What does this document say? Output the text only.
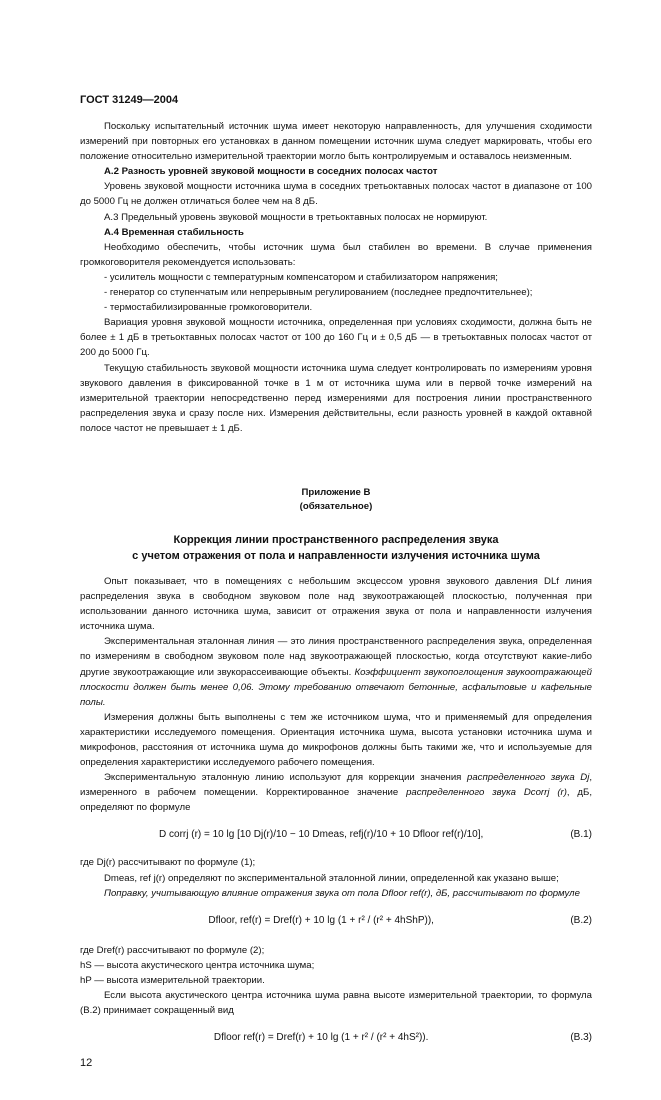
ГОСТ 31249—2004

Поскольку испытательный источник шума имеет некоторую направленность, для улучшения сходимости измерений при повторных его установках в данном помещении источник шума следует маркировать, чтобы его положение относительно измерительной траектории могло быть контролируемым и оставалось неизменным.

А.2 Разность уровней звуковой мощности в соседних полосах частот

Уровень звуковой мощности источника шума в соседних третьоктавных полосах частот в диапазоне от 100 до 5000 Гц не должен отличаться более чем на 8 дБ.

А.3 Предельный уровень звуковой мощности в третьоктавных полосах не нормируют.

А.4 Временная стабильность

Необходимо обеспечить, чтобы источник шума был стабилен во времени. В случае применения громкоговорителя рекомендуется использовать:

- усилитель мощности с температурным компенсатором и стабилизатором напряжения;

- генератор со ступенчатым или непрерывным регулированием (последнее предпочтительнее);

- термостабилизированные громкоговорители.

Вариация уровня звуковой мощности источника, определенная при условиях сходимости, должна быть не более ± 1 дБ в третьоктавных полосах частот от 100 до 160 Гц и ± 0,5 дБ — в третьоктавных полосах частот от 200 до 5000 Гц.

Текущую стабильность звуковой мощности источника шума следует контролировать по измерениям уровня звукового давления в фиксированной точке в 1 м от источника шума или в первой точке измерений на измерительной траектории непосредственно перед измерениями для построения линии пространственного распределения звука и сразу после них. Измерения действительны, если разность уровней в каждой октавной полосе частот не превышает ± 1 дБ.

Приложение В
(обязательное)
Коррекция линии пространственного распределения звука
с учетом отражения от пола и направленности излучения источника шума

Опыт показывает, что в помещениях с небольшим эксцессом уровня звукового давления DLf линия распределения звука в свободном звуковом поле над звукоотражающей плоскостью, полученная при использовании данного источника шума, зависит от отражения звука от пола и направленности излучения источника шума.

Экспериментальная эталонная линия — это линия пространственного распределения звука, определенная по измерениям в свободном звуковом поле над звукоотражающей плоскостью, когда отсутствуют какие-либо другие звукоотражающие или звукорассеивающие объекты. Коэффициент звукопоглощения звукоотражающей плоскости должен быть менее 0,06. Этому требованию отвечают бетонные, асфальтовые и кафельные полы.

Измерения должны быть выполнены с тем же источником шума, что и применяемый для определения характеристики исследуемого помещения. Ориентация источника шума, высота установки источника шума и микрофонов, расстояния от источника шума до микрофонов должны быть такими же, что и используемые для определения характеристики исследуемого рабочего помещения.

Экспериментальную эталонную линию используют для коррекции значения распределенного звука Dj, измеренного в рабочем помещении. Корректированное значение распределенного звука Dcorrj (r), дБ, определяют по формуле

D corrj (r) = 10 lg [10 Dj(r)/10 − 10 Dmeas, refj(r)/10 + 10 Dfloor ref(r)/10],	(В.1)

где Dj(r) рассчитывают по формуле (1);

Dmeas, ref j(r) определяют по экспериментальной эталонной линии, определенной как указано выше;

Поправку, учитывающую влияние отражения звука от пола Dfloor ref(r), дБ, рассчитывают по формуле

Dfloor, ref(r) = Dref(r) + 10 lg (1 + r² / (r² + 4hShP)),	(В.2)

где Dref(r) рассчитывают по формуле (2);

hS — высота акустического центра источника шума;

hP — высота измерительной траектории.

Если высота акустического центра источника шума равна высоте измерительной траектории, то формула (В.2) принимает сокращенный вид

Dfloor ref(r) = Dref(r) + 10 lg (1 + r² / (r² + 4hS²)).	(В.3)
12
